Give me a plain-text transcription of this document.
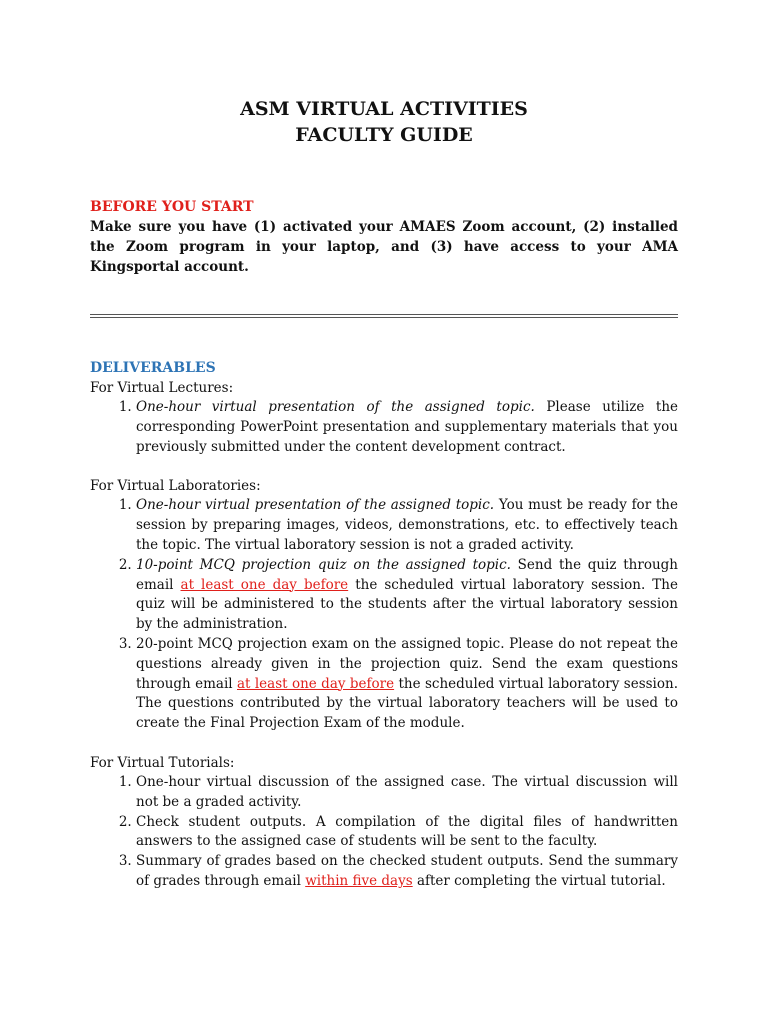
ASM VIRTUAL ACTIVITIES
FACULTY GUIDE
BEFORE YOU START
Make sure you have (1) activated your AMAES Zoom account, (2) installed the Zoom program in your laptop, and (3) have access to your AMA Kingsportal account.
DELIVERABLES
For Virtual Lectures:
1. One-hour virtual presentation of the assigned topic. Please utilize the corresponding PowerPoint presentation and supplementary materials that you previously submitted under the content development contract.
For Virtual Laboratories:
1. One-hour virtual presentation of the assigned topic. You must be ready for the session by preparing images, videos, demonstrations, etc. to effectively teach the topic. The virtual laboratory session is not a graded activity.
2. 10-point MCQ projection quiz on the assigned topic. Send the quiz through email at least one day before the scheduled virtual laboratory session. The quiz will be administered to the students after the virtual laboratory session by the administration.
3. 20-point MCQ projection exam on the assigned topic. Please do not repeat the questions already given in the projection quiz. Send the exam questions through email at least one day before the scheduled virtual laboratory session. The questions contributed by the virtual laboratory teachers will be used to create the Final Projection Exam of the module.
For Virtual Tutorials:
1. One-hour virtual discussion of the assigned case. The virtual discussion will not be a graded activity.
2. Check student outputs. A compilation of the digital files of handwritten answers to the assigned case of students will be sent to the faculty.
3. Summary of grades based on the checked student outputs. Send the summary of grades through email within five days after completing the virtual tutorial.
